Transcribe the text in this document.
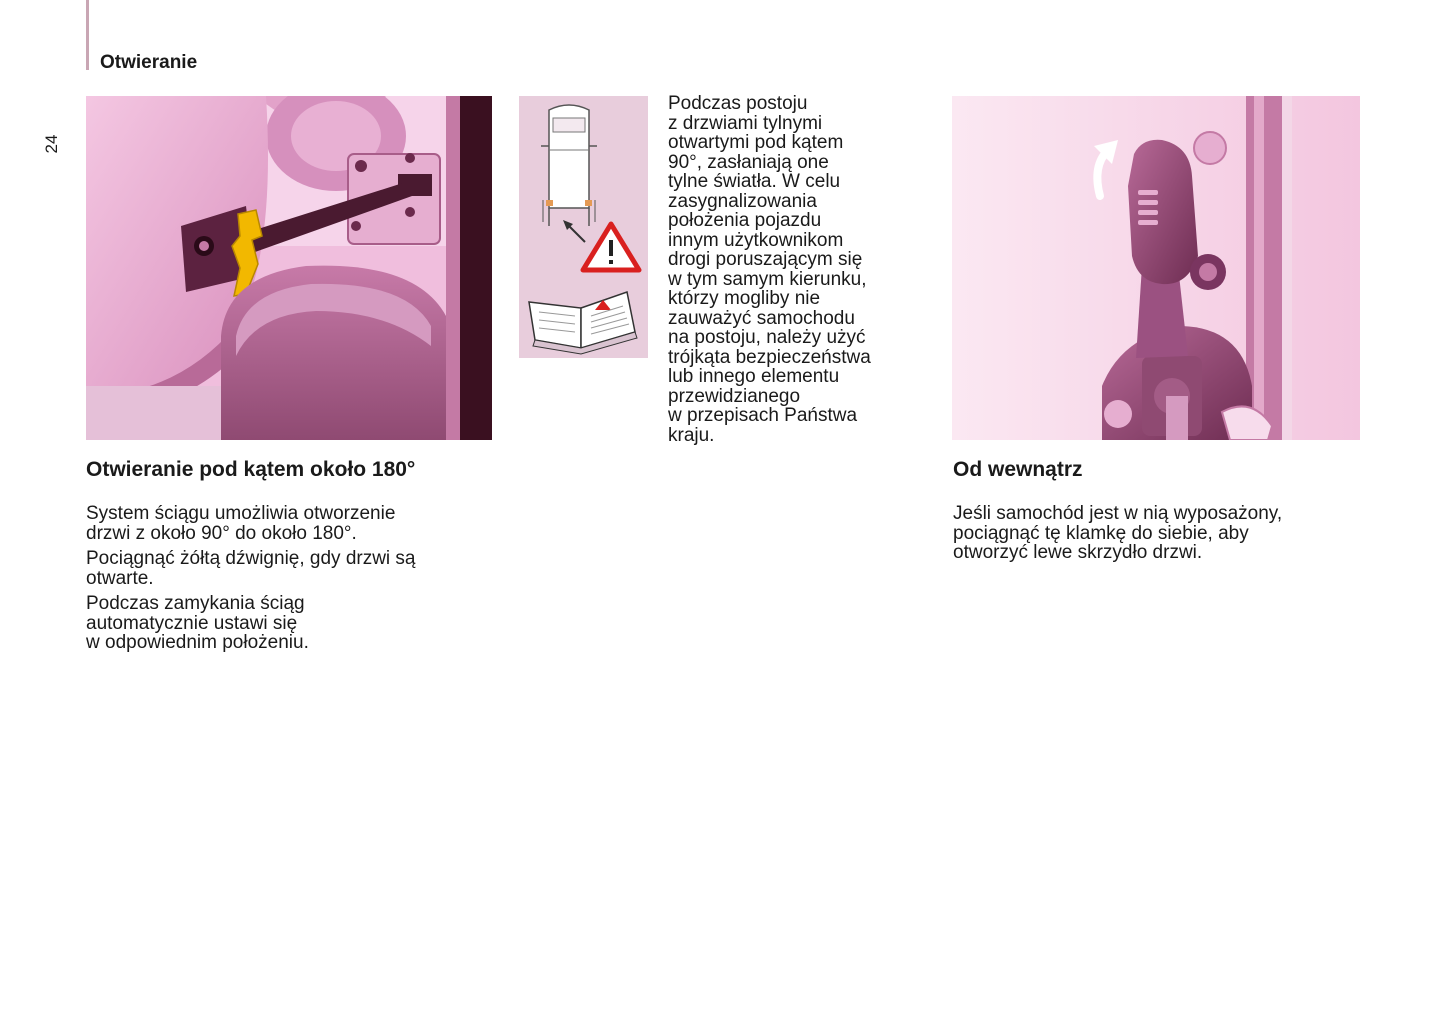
Otwieranie
24
Otwieranie pod kątem około 180°

System ściągu umożliwia otworzenie
drzwi z około 90° do około 180°.

Pociągnąć żółtą dźwignię, gdy drzwi są
otwarte.

Podczas zamykania ściąg
automatycznie ustawi się
w odpowiednim położeniu.

Podczas postoju
z drzwiami tylnymi
otwartymi pod kątem
90°, zasłaniają one
tylne światła. W celu
zasygnalizowania
położenia pojazdu
innym użytkownikom
drogi poruszającym się
w tym samym kierunku,
którzy mogliby nie
zauważyć samochodu
na postoju, należy użyć
trójkąta bezpieczeństwa
lub innego elementu
przewidzianego
w przepisach Państwa
kraju.

Od wewnątrz

Jeśli samochód jest w nią wyposażony,
pociągnąć tę klamkę do siebie, aby
otworzyć lewe skrzydło drzwi.
